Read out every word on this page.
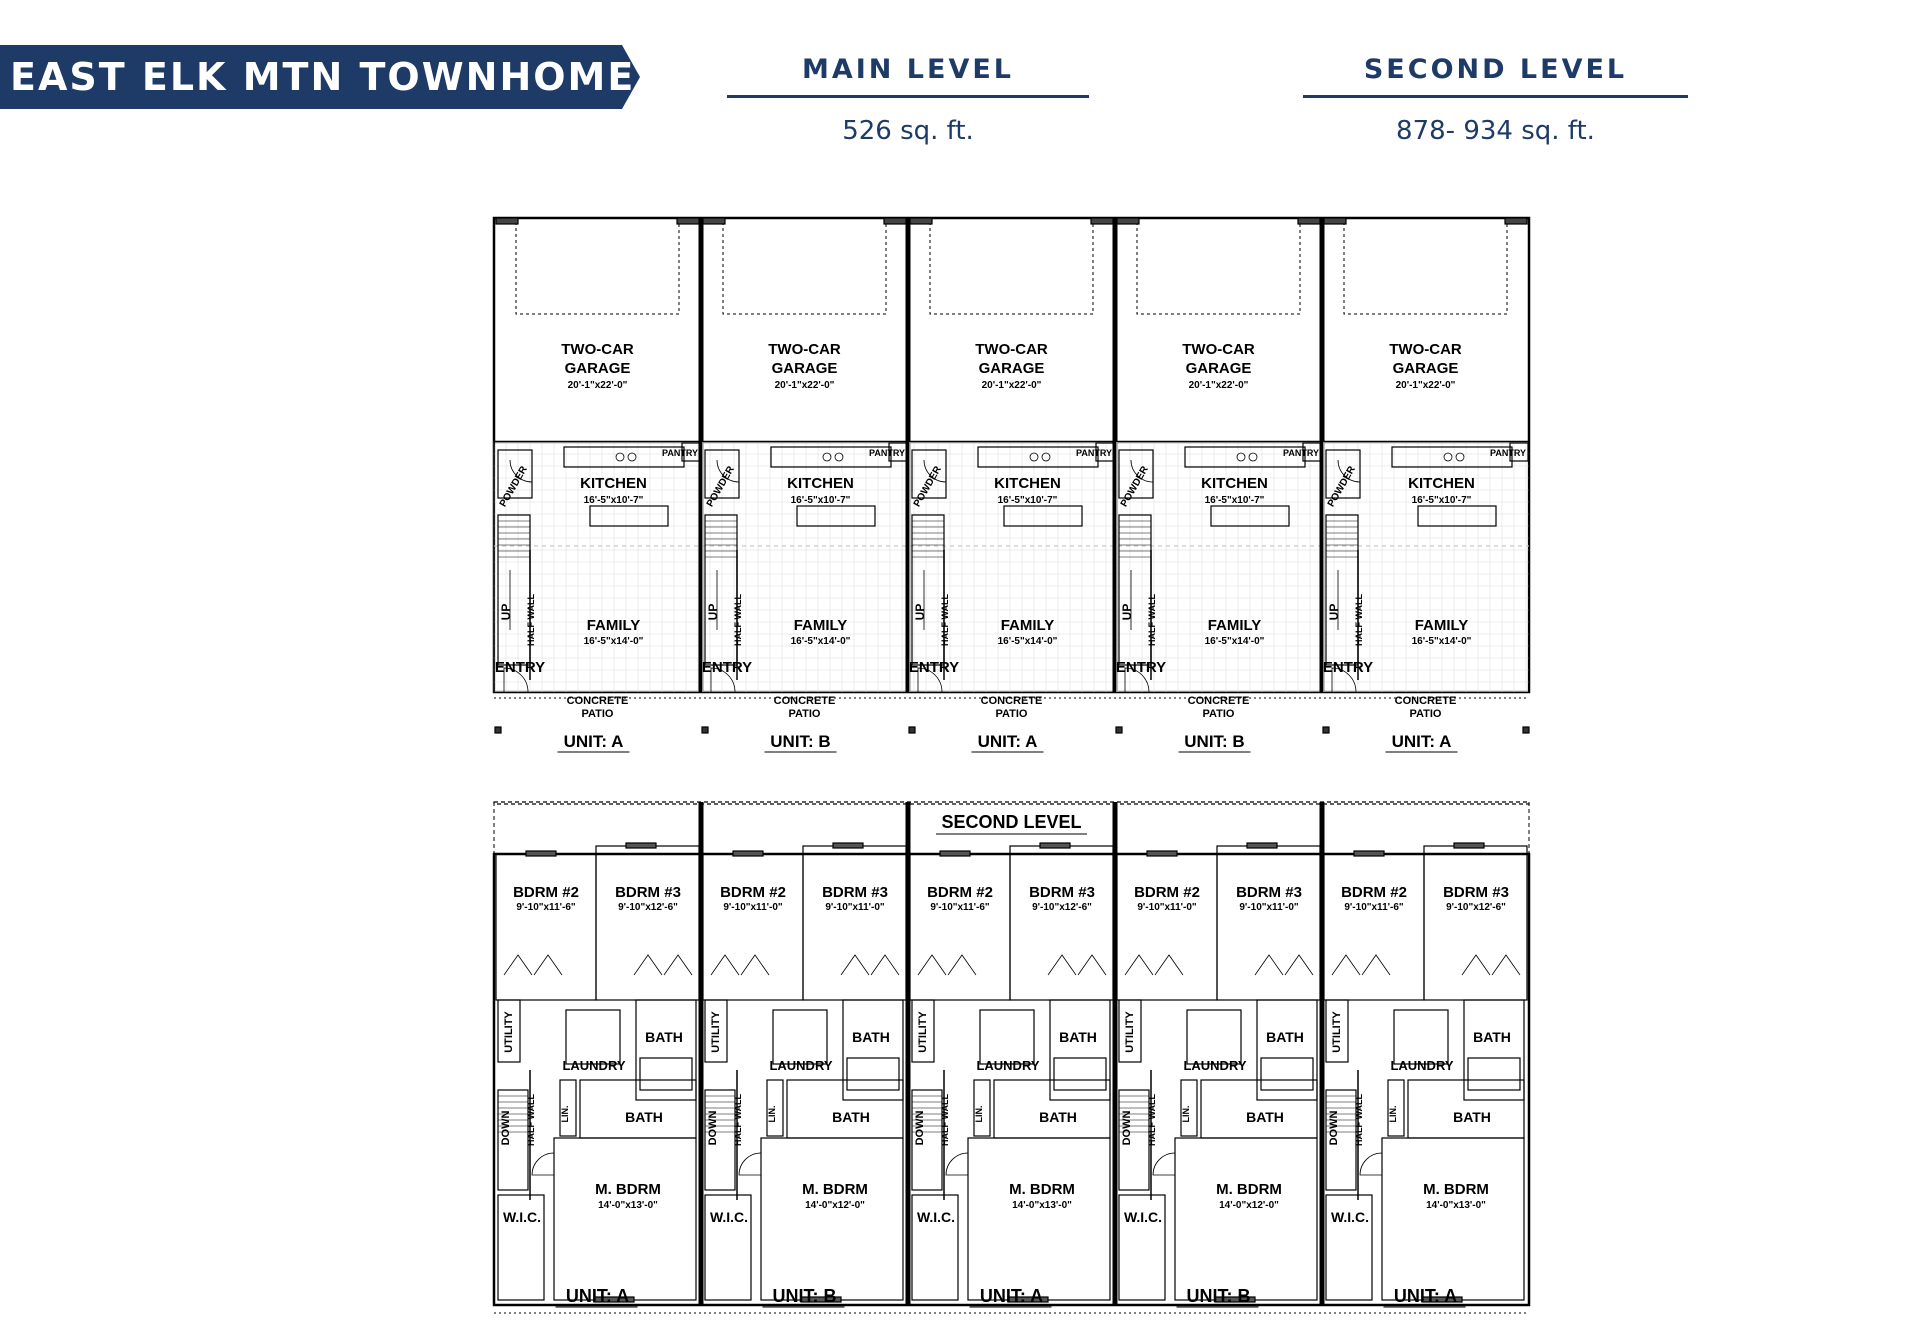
EAST ELK MTN TOWNHOMES	MAIN LEVEL
526 sq. ft.
SECOND LEVEL
878- 934 sq. ft.
TWO-CAR
GARAGE
20'-1"x22'-0"
PANTRY
KITCHEN
16'-5"x10'-7"
POWDER
UP HALF WALL	FAMILY
16'-5"x14'-0"
ENTRY
CONCRETE
PATIO
UNIT: A
TWO-CAR
GARAGE
20'-1"x22'-0"
PANTRY
KITCHEN
16'-5"x10'-7"
POWDER
UP HALF WALL	FAMILY
16'-5"x14'-0"
ENTRY
CONCRETE
PATIO
UNIT: B
TWO-CAR
GARAGE
20'-1"x22'-0"
PANTRY
KITCHEN
16'-5"x10'-7"
POWDER
UP HALF WALL	FAMILY
16'-5"x14'-0"
ENTRY
CONCRETE
PATIO
UNIT: A
TWO-CAR
GARAGE
20'-1"x22'-0"
PANTRY
KITCHEN
16'-5"x10'-7"
POWDER
UP HALF WALL	FAMILY
16'-5"x14'-0"
ENTRY
CONCRETE
PATIO
UNIT: B
TWO-CAR
GARAGE
20'-1"x22'-0"
PANTRY
KITCHEN
16'-5"x10'-7"
POWDER
UP HALF WALL	FAMILY
16'-5"x14'-0"
ENTRY
CONCRETE
PATIO
UNIT: A
SECOND LEVEL
BDRM #2
9'-10"x11'-6"
BDRM #3
9'-10"x12'-6"
UTILITY	BATH
LAUNDRY
DOWN HALF WALL	LIN.	BATH
M. BDRM
14'-0"x13'-0"
W.I.C.
UNIT: A
BDRM #2
9'-10"x11'-0"
BDRM #3
9'-10"x11'-0"
UTILITY	BATH
LAUNDRY
DOWN HALF WALL	LIN.	BATH
M. BDRM
14'-0"x12'-0"
W.I.C.
UNIT: B
BDRM #2
9'-10"x11'-6"
BDRM #3
9'-10"x12'-6"
UTILITY	BATH
LAUNDRY
DOWN HALF WALL	LIN.	BATH
M. BDRM
14'-0"x13'-0"
W.I.C.
UNIT: A
BDRM #2
9'-10"x11'-0"
BDRM #3
9'-10"x11'-0"
UTILITY	BATH
LAUNDRY
DOWN HALF WALL	LIN.	BATH
M. BDRM
14'-0"x12'-0"
W.I.C.
UNIT: B
BDRM #2
9'-10"x11'-6"
BDRM #3
9'-10"x12'-6"
UTILITY	BATH
LAUNDRY
DOWN HALF WALL	LIN.	BATH
M. BDRM
14'-0"x13'-0"
W.I.C.
UNIT: A
